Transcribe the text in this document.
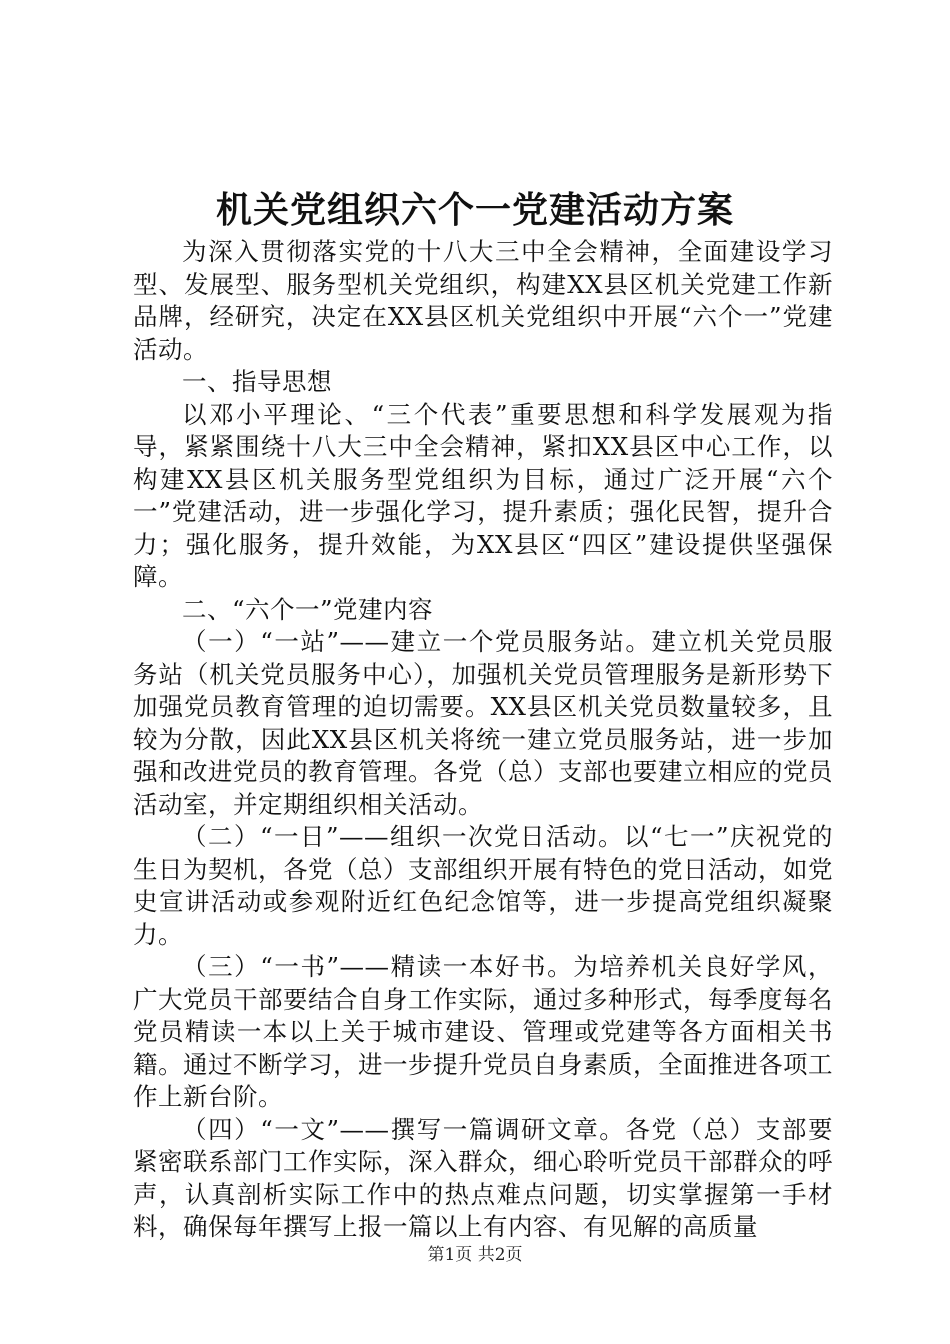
机关党组织六个一党建活动方案

为深入贯彻落实党的十八大三中全会精神，全面建设学习型、发展型、服务型机关党组织，构建XX县区机关党建工作新品牌，经研究，决定在XX县区机关党组织中开展“六个一”党建活动。

一、指导思想

以邓小平理论、“三个代表”重要思想和科学发展观为指导，紧紧围绕十八大三中全会精神，紧扣XX县区中心工作，以构建XX县区机关服务型党组织为目标，通过广泛开展“六个一”党建活动，进一步强化学习，提升素质；强化民智，提升合力；强化服务，提升效能，为XX县区“四区”建设提供坚强保障。

二、“六个一”党建内容

（一）“一站”——建立一个党员服务站。建立机关党员服务站（机关党员服务中心），加强机关党员管理服务是新形势下加强党员教育管理的迫切需要。XX县区机关党员数量较多，且较为分散，因此XX县区机关将统一建立党员服务站，进一步加强和改进党员的教育管理。各党（总）支部也要建立相应的党员活动室，并定期组织相关活动。

（二）“一日”——组织一次党日活动。以“七一”庆祝党的生日为契机，各党（总）支部组织开展有特色的党日活动，如党史宣讲活动或参观附近红色纪念馆等，进一步提高党组织凝聚力。

（三）“一书”——精读一本好书。为培养机关良好学风，广大党员干部要结合自身工作实际，通过多种形式，每季度每名党员精读一本以上关于城市建设、管理或党建等各方面相关书籍。通过不断学习，进一步提升党员自身素质，全面推进各项工作上新台阶。

（四）“一文”——撰写一篇调研文章。各党（总）支部要紧密联系部门工作实际，深入群众，细心聆听党员干部群众的呼声，认真剖析实际工作中的热点难点问题，切实掌握第一手材料，确保每年撰写上报一篇以上有内容、有见解的高质量

第1页 共2页
